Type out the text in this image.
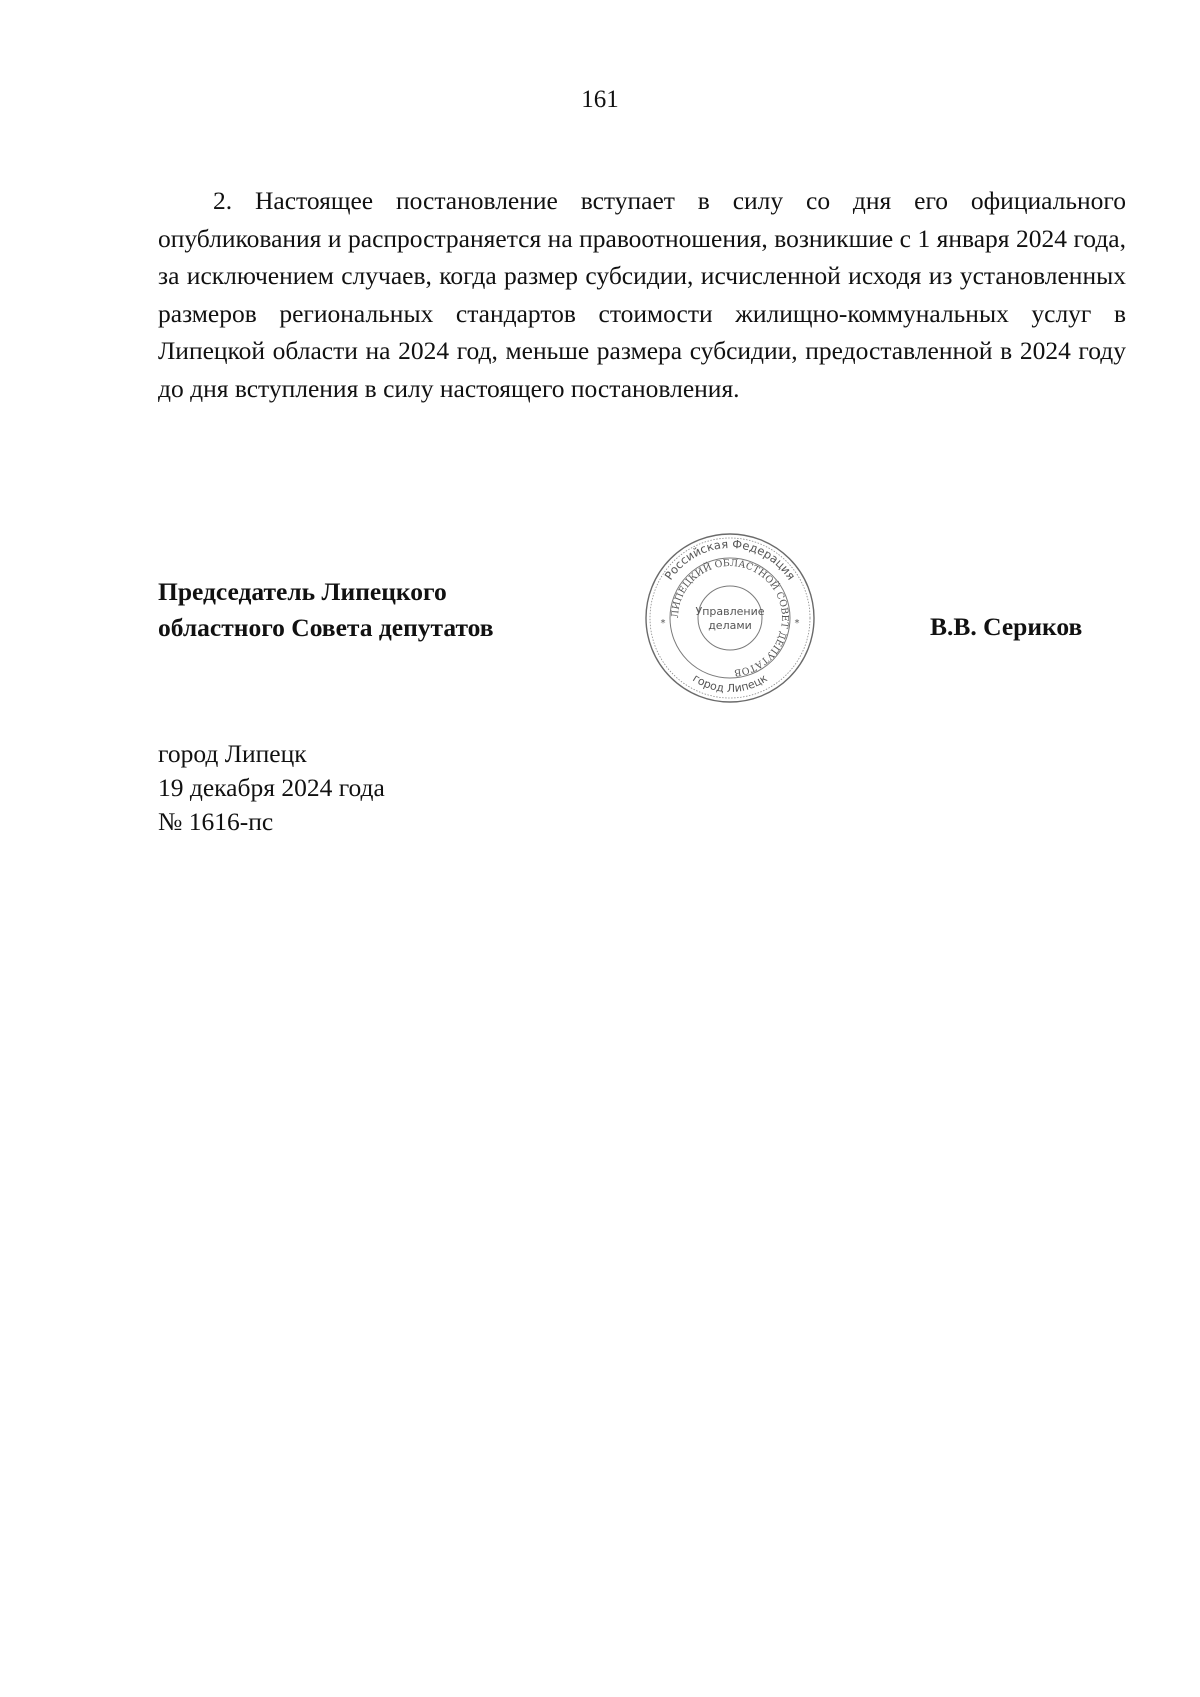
161

2. Настоящее постановление вступает в силу со дня его официального опубликования и распространяется на правоотношения, возникшие с 1 января 2024 года, за исключением случаев, когда размер субсидии, исчисленной исходя из установленных размеров региональных стандартов стоимости жилищно-коммунальных услуг в Липецкой области на 2024 год, меньше размера субсидии, предоставленной в 2024 году до дня вступления в силу настоящего постановления.

Председатель Липецкого
областного Совета депутатов
Российская Федерация
ЛИПЕЦКИЙ ОБЛАСТНОЙ СОВЕТ ДЕПУТАТОВ
город Липецк
Управление
делами
*	*	В.В. Сериков
город Липецк
19 декабря 2024 года
№ 1616-пс
